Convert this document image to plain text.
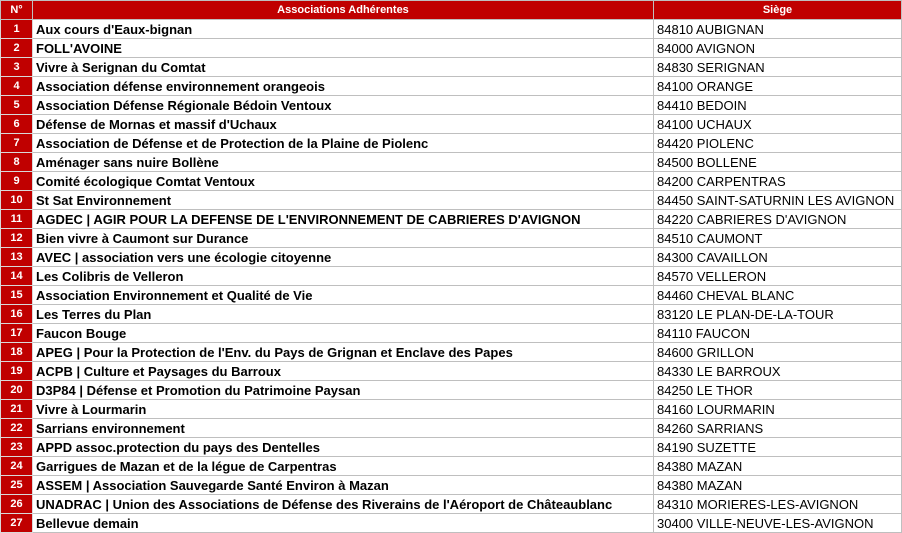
N°	Associations Adhérentes	Siège
1	Aux cours d'Eaux-bignan	84810 AUBIGNAN
2	FOLL'AVOINE	84000 AVIGNON
3	Vivre à Serignan du Comtat	84830 SERIGNAN
4	Association défense environnement orangeois	84100 ORANGE
5	Association Défense Régionale Bédoin Ventoux	84410 BEDOIN
6	Défense de Mornas et massif d'Uchaux	84100 UCHAUX
7	Association de Défense et de Protection de la Plaine de Piolenc	84420 PIOLENC
8	Aménager sans nuire Bollène	84500 BOLLENE
9	Comité écologique Comtat Ventoux	84200 CARPENTRAS
10	St Sat Environnement	84450 SAINT-SATURNIN LES AVIGNON
11	AGDEC | AGIR POUR LA DEFENSE DE L'ENVIRONNEMENT DE CABRIERES D'AVIGNON	84220 CABRIERES D'AVIGNON
12	Bien vivre à Caumont sur Durance	84510 CAUMONT
13	AVEC | association vers une écologie citoyenne	84300 CAVAILLON
14	Les Colibris de Velleron	84570 VELLERON
15	Association Environnement et Qualité de Vie	84460 CHEVAL BLANC
16	Les Terres du Plan	83120 LE PLAN-DE-LA-TOUR
17	Faucon Bouge	84110 FAUCON
18	APEG | Pour la Protection de l'Env. du Pays de Grignan et Enclave des Papes	84600 GRILLON
19	ACPB | Culture et Paysages du Barroux	84330 LE BARROUX
20	D3P84 | Défense et Promotion du Patrimoine Paysan	84250 LE THOR
21	Vivre à Lourmarin	84160 LOURMARIN
22	Sarrians environnement	84260 SARRIANS
23	APPD assoc.protection du pays des Dentelles	84190 SUZETTE
24	Garrigues de Mazan et de la légue de Carpentras	84380 MAZAN
25	ASSEM | Association Sauvegarde Santé Environ à Mazan	84380 MAZAN
26	UNADRAC | Union des Associations de Défense des Riverains de l'Aéroport de Châteaublanc	84310 MORIERES-LES-AVIGNON
27	Bellevue demain	30400 VILLE-NEUVE-LES-AVIGNON
